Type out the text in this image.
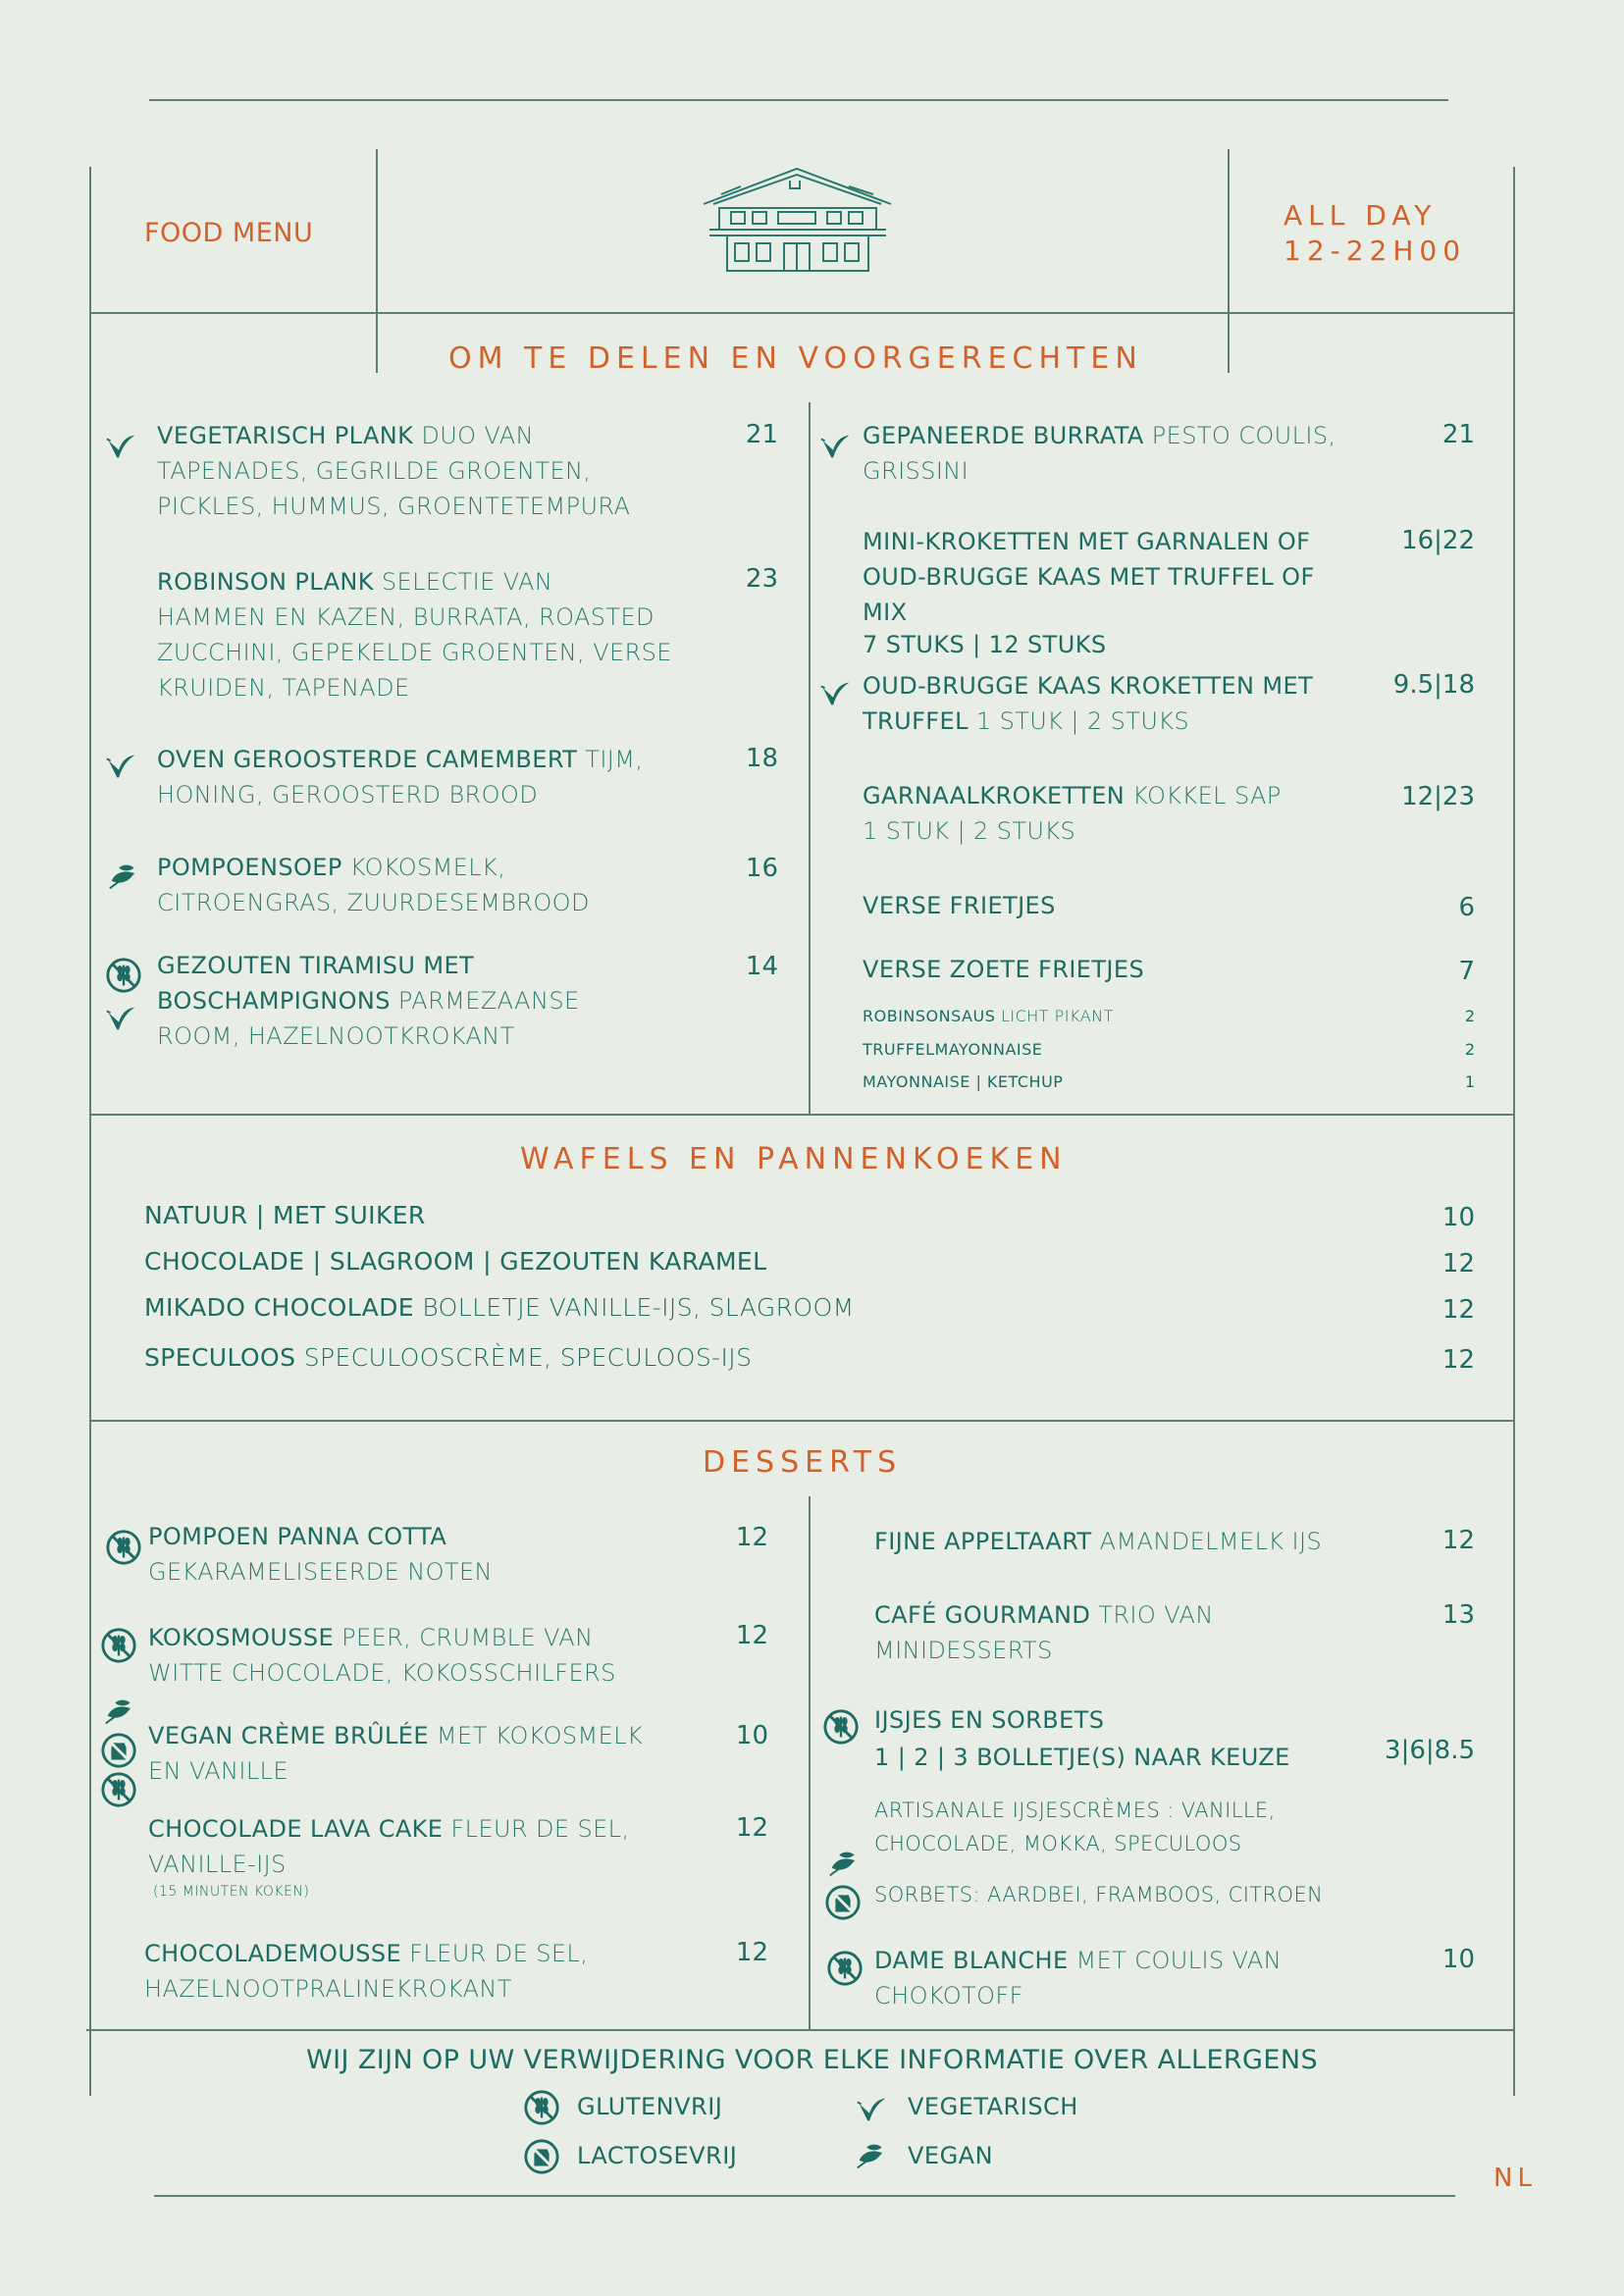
FOOD MENU
ALL DAY
12-22H00
OM TE DELEN EN VOORGERECHTEN
WAFELS EN PANNENKOEKEN
DESSERTS
VEGETARISCH PLANK DUO VAN
TAPENADES, GEGRILDE GROENTEN,
PICKLES, HUMMUS, GROENTETEMPURA
21
ROBINSON PLANK SELECTIE VAN
HAMMEN EN KAZEN, BURRATA, ROASTED
ZUCCHINI, GEPEKELDE GROENTEN, VERSE
KRUIDEN, TAPENADE
23
OVEN GEROOSTERDE CAMEMBERT TIJM,
HONING, GEROOSTERD BROOD
18
POMPOENSOEP KOKOSMELK,
CITROENGRAS, ZUURDESEMBROOD
16
GEZOUTEN TIRAMISU MET
BOSCHAMPIGNONS PARMEZAANSE
ROOM, HAZELNOOTKROKANT
14
GEPANEERDE BURRATA PESTO COULIS,
GRISSINI
21
MINI-KROKETTEN MET GARNALEN OF
OUD-BRUGGE KAAS MET TRUFFEL OF
MIX
7 STUKS | 12 STUKS
16|22
OUD-BRUGGE KAAS KROKETTEN MET
TRUFFEL 1 STUK | 2 STUKS
9.5|18
GARNAALKROKETTEN KOKKEL SAP
1 STUK | 2 STUKS
12|23
VERSE FRIETJES	6
VERSE ZOETE FRIETJES	7
ROBINSONSAUS LICHT PIKANT	2
TRUFFELMAYONNAISE	2
MAYONNAISE | KETCHUP	1
NATUUR | MET SUIKER	10
CHOCOLADE | SLAGROOM | GEZOUTEN KARAMEL	12
MIKADO CHOCOLADE BOLLETJE VANILLE-IJS, SLAGROOM	12
SPECULOOS SPECULOOSCRÈME, SPECULOOS-IJS	12
POMPOEN PANNA COTTA
GEKARAMELISEERDE NOTEN
12
KOKOSMOUSSE PEER, CRUMBLE VAN
WITTE CHOCOLADE, KOKOSSCHILFERS
12
VEGAN CRÈME BRÛLÉE MET KOKOSMELK
EN VANILLE
10
CHOCOLADE LAVA CAKE FLEUR DE SEL,
VANILLE-IJS
(15 MINUTEN KOKEN)
12
CHOCOLADEMOUSSE FLEUR DE SEL,
HAZELNOOTPRALINEKROKANT
12
FIJNE APPELTAART AMANDELMELK IJS	12
CAFÉ GOURMAND TRIO VAN
MINIDESSERTS
13
IJSJES EN SORBETS
1 | 2 | 3 BOLLETJE(S) NAAR KEUZE
ARTISANALE IJSJESCRÈMES : VANILLE,
CHOCOLADE, MOKKA, SPECULOOS
SORBETS: AARDBEI, FRAMBOOS, CITROEN
3|6|8.5
DAME BLANCHE MET COULIS VAN
CHOKOTOFF
10
WIJ ZIJN OP UW VERWIJDERING VOOR ELKE INFORMATIE OVER ALLERGENS
GLUTENVRIJ	VEGETARISCH
LACTOSEVRIJ	VEGAN
NL
